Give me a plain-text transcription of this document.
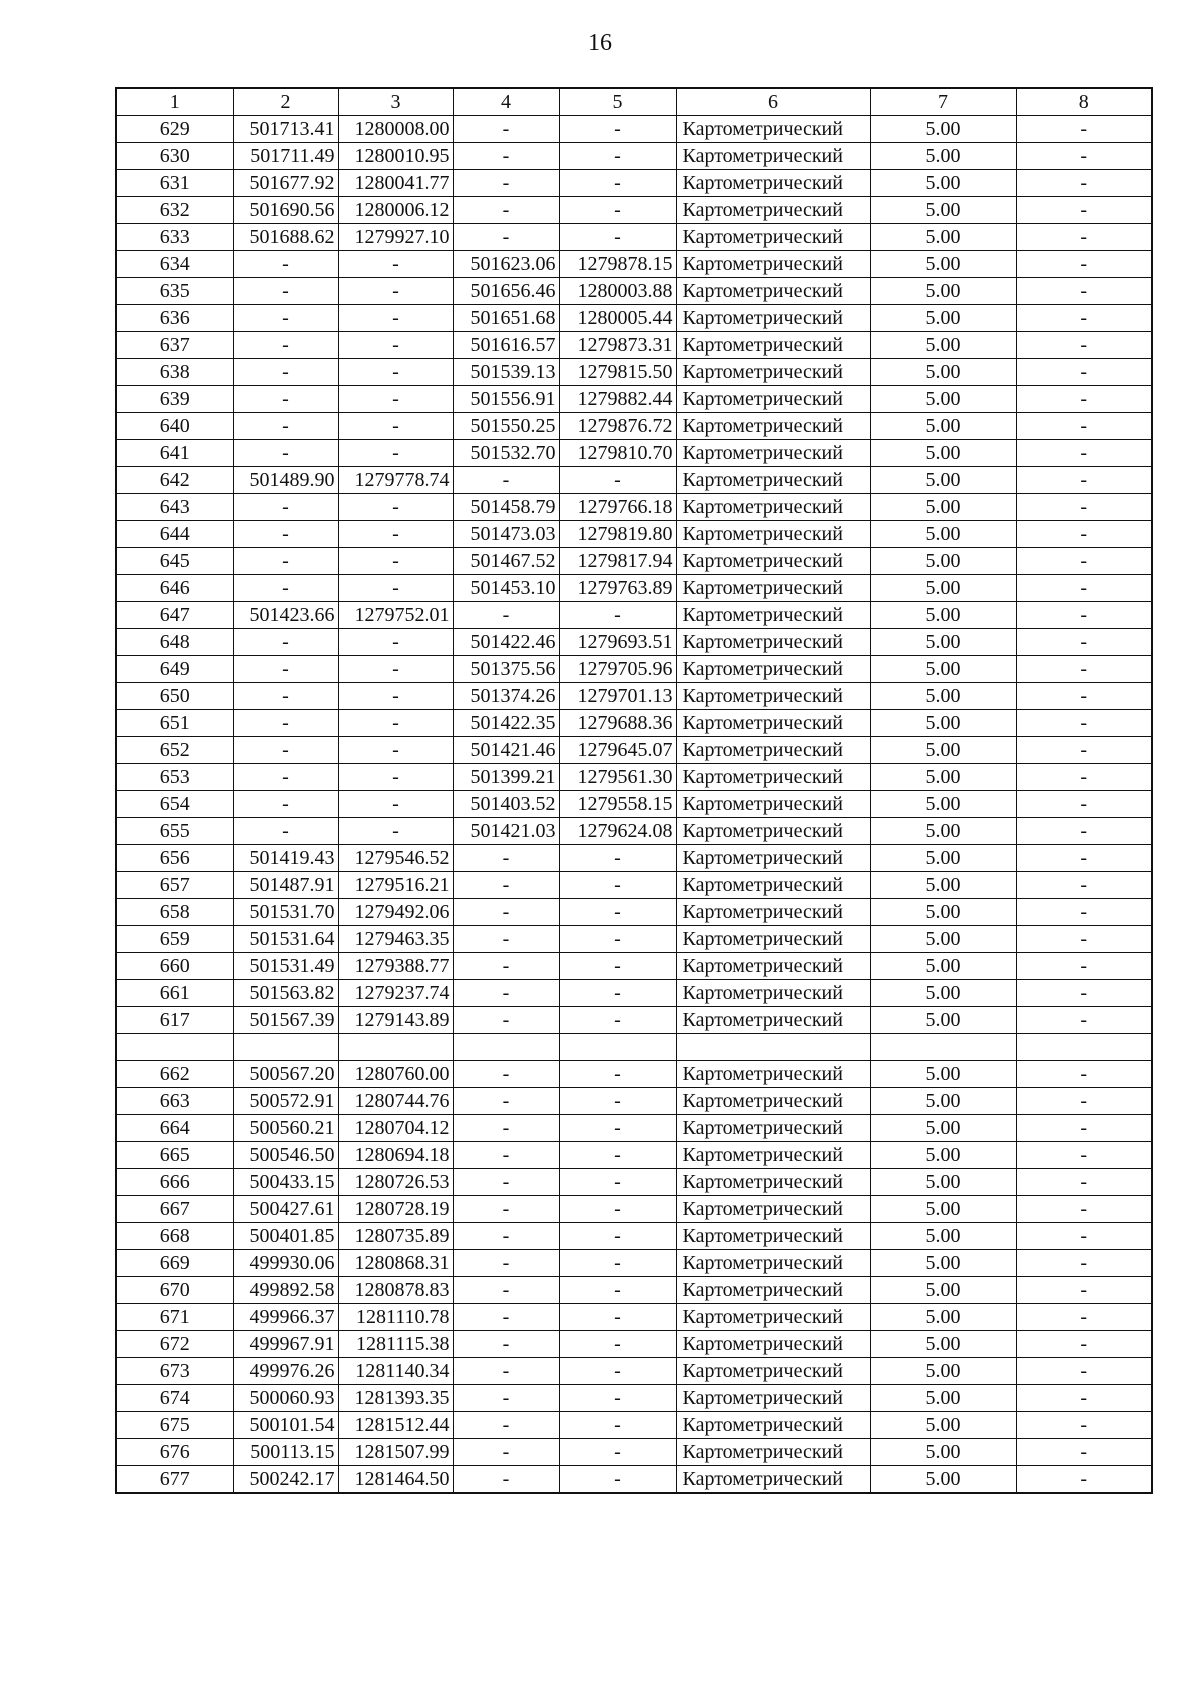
16
1	2	3	4	5	6	7	8
629	501713.41	1280008.00	-	-	Картометрический	5.00	-
630	501711.49	1280010.95	-	-	Картометрический	5.00	-
631	501677.92	1280041.77	-	-	Картометрический	5.00	-
632	501690.56	1280006.12	-	-	Картометрический	5.00	-
633	501688.62	1279927.10	-	-	Картометрический	5.00	-
634	-	-	501623.06	1279878.15	Картометрический	5.00	-
635	-	-	501656.46	1280003.88	Картометрический	5.00	-
636	-	-	501651.68	1280005.44	Картометрический	5.00	-
637	-	-	501616.57	1279873.31	Картометрический	5.00	-
638	-	-	501539.13	1279815.50	Картометрический	5.00	-
639	-	-	501556.91	1279882.44	Картометрический	5.00	-
640	-	-	501550.25	1279876.72	Картометрический	5.00	-
641	-	-	501532.70	1279810.70	Картометрический	5.00	-
642	501489.90	1279778.74	-	-	Картометрический	5.00	-
643	-	-	501458.79	1279766.18	Картометрический	5.00	-
644	-	-	501473.03	1279819.80	Картометрический	5.00	-
645	-	-	501467.52	1279817.94	Картометрический	5.00	-
646	-	-	501453.10	1279763.89	Картометрический	5.00	-
647	501423.66	1279752.01	-	-	Картометрический	5.00	-
648	-	-	501422.46	1279693.51	Картометрический	5.00	-
649	-	-	501375.56	1279705.96	Картометрический	5.00	-
650	-	-	501374.26	1279701.13	Картометрический	5.00	-
651	-	-	501422.35	1279688.36	Картометрический	5.00	-
652	-	-	501421.46	1279645.07	Картометрический	5.00	-
653	-	-	501399.21	1279561.30	Картометрический	5.00	-
654	-	-	501403.52	1279558.15	Картометрический	5.00	-
655	-	-	501421.03	1279624.08	Картометрический	5.00	-
656	501419.43	1279546.52	-	-	Картометрический	5.00	-
657	501487.91	1279516.21	-	-	Картометрический	5.00	-
658	501531.70	1279492.06	-	-	Картометрический	5.00	-
659	501531.64	1279463.35	-	-	Картометрический	5.00	-
660	501531.49	1279388.77	-	-	Картометрический	5.00	-
661	501563.82	1279237.74	-	-	Картометрический	5.00	-
617	501567.39	1279143.89	-	-	Картометрический	5.00	-

662	500567.20	1280760.00	-	-	Картометрический	5.00	-
663	500572.91	1280744.76	-	-	Картометрический	5.00	-
664	500560.21	1280704.12	-	-	Картометрический	5.00	-
665	500546.50	1280694.18	-	-	Картометрический	5.00	-
666	500433.15	1280726.53	-	-	Картометрический	5.00	-
667	500427.61	1280728.19	-	-	Картометрический	5.00	-
668	500401.85	1280735.89	-	-	Картометрический	5.00	-
669	499930.06	1280868.31	-	-	Картометрический	5.00	-
670	499892.58	1280878.83	-	-	Картометрический	5.00	-
671	499966.37	1281110.78	-	-	Картометрический	5.00	-
672	499967.91	1281115.38	-	-	Картометрический	5.00	-
673	499976.26	1281140.34	-	-	Картометрический	5.00	-
674	500060.93	1281393.35	-	-	Картометрический	5.00	-
675	500101.54	1281512.44	-	-	Картометрический	5.00	-
676	500113.15	1281507.99	-	-	Картометрический	5.00	-
677	500242.17	1281464.50	-	-	Картометрический	5.00	-
